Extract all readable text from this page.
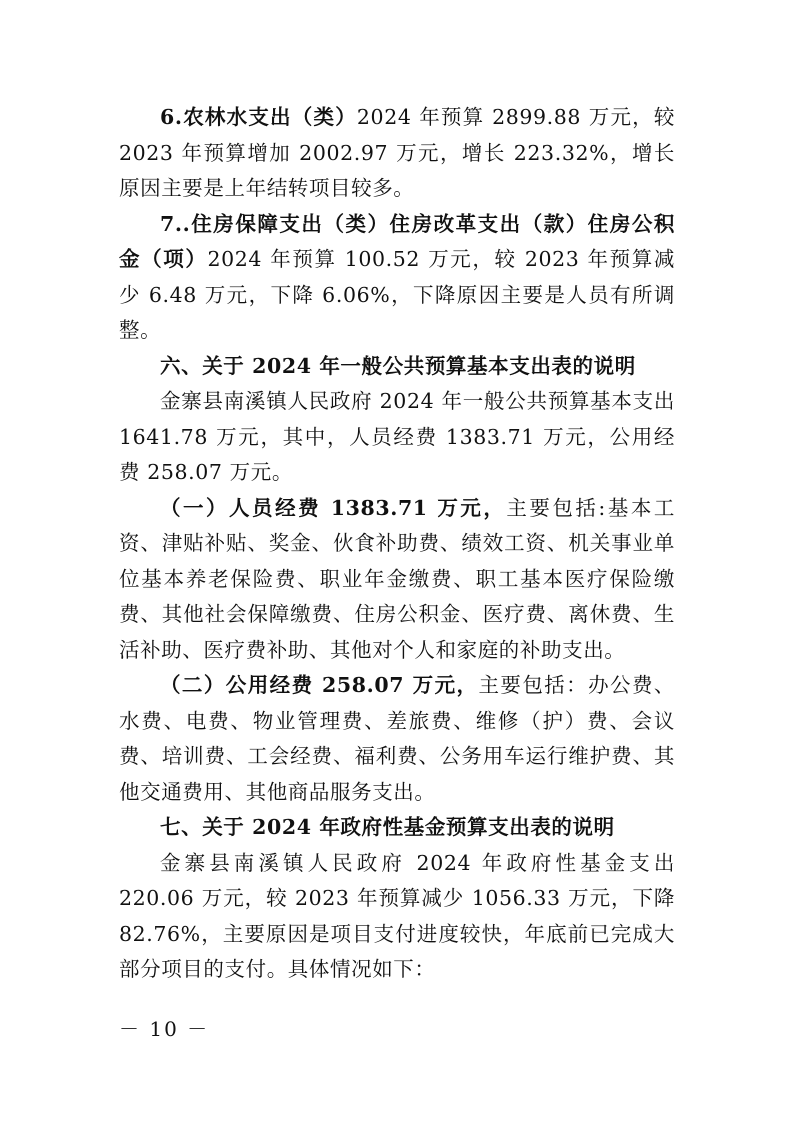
6.农林水支出（类）2024 年预算 2899.88 万元，较 2023 年预算增加 2002.97 万元，增长 223.32%，增长原因主要是上年结转项目较多。

7..住房保障支出（类）住房改革支出（款）住房公积金（项）2024 年预算 100.52 万元，较 2023 年预算减少 6.48 万元，下降 6.06%，下降原因主要是人员有所调整。

六、关于 2024 年一般公共预算基本支出表的说明

金寨县南溪镇人民政府 2024 年一般公共预算基本支出 1641.78 万元，其中，人员经费 1383.71 万元，公用经费 258.07 万元。

（一）人员经费 1383.71 万元，主要包括:基本工资、津贴补贴、奖金、伙食补助费、绩效工资、机关事业单位基本养老保险费、职业年金缴费、职工基本医疗保险缴费、其他社会保障缴费、住房公积金、医疗费、离休费、生活补助、医疗费补助、其他对个人和家庭的补助支出。

（二）公用经费 258.07 万元，主要包括：办公费、水费、电费、物业管理费、差旅费、维修（护）费、会议费、培训费、工会经费、福利费、公务用车运行维护费、其他交通费用、其他商品服务支出。

七、关于 2024 年政府性基金预算支出表的说明

金寨县南溪镇人民政府 2024 年政府性基金支出 220.06 万元，较 2023 年预算减少 1056.33 万元，下降 82.76%，主要原因是项目支付进度较快，年底前已完成大部分项目的支付。具体情况如下：

－ 10 －
